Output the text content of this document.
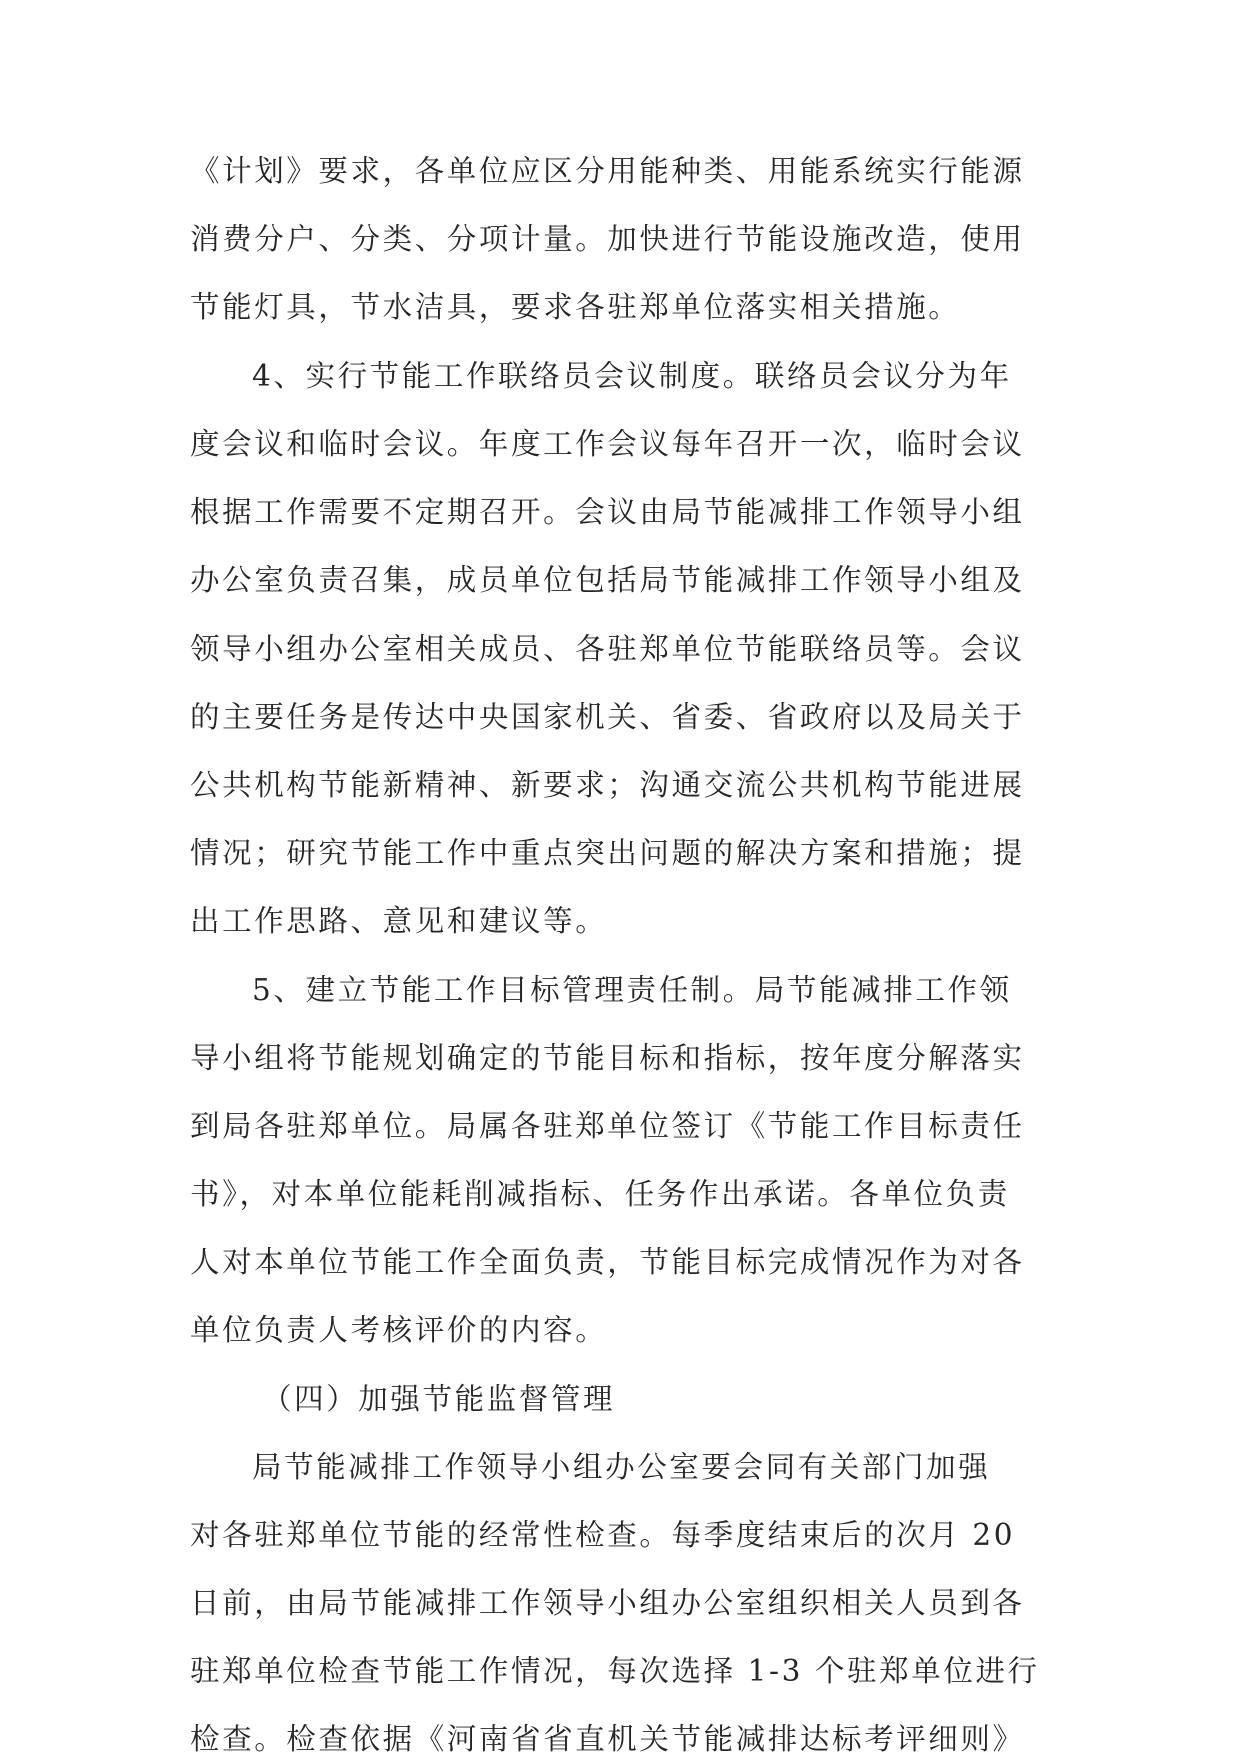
《计划》要求，各单位应区分用能种类、用能系统实行能源

消费分户、分类、分项计量。加快进行节能设施改造，使用

节能灯具，节水洁具，要求各驻郑单位落实相关措施。

4、实行节能工作联络员会议制度。联络员会议分为年

度会议和临时会议。年度工作会议每年召开一次，临时会议

根据工作需要不定期召开。会议由局节能减排工作领导小组

办公室负责召集，成员单位包括局节能减排工作领导小组及

领导小组办公室相关成员、各驻郑单位节能联络员等。会议

的主要任务是传达中央国家机关、省委、省政府以及局关于

公共机构节能新精神、新要求；沟通交流公共机构节能进展

情况；研究节能工作中重点突出问题的解决方案和措施；提

出工作思路、意见和建议等。

5、建立节能工作目标管理责任制。局节能减排工作领

导小组将节能规划确定的节能目标和指标，按年度分解落实

到局各驻郑单位。局属各驻郑单位签订《节能工作目标责任

书》，对本单位能耗削减指标、任务作出承诺。各单位负责

人对本单位节能工作全面负责，节能目标完成情况作为对各

单位负责人考核评价的内容。

（四）加强节能监督管理

局节能减排工作领导小组办公室要会同有关部门加强

对各驻郑单位节能的经常性检查。每季度结束后的次月 20

日前，由局节能减排工作领导小组办公室组织相关人员到各

驻郑单位检查节能工作情况，每次选择 1-3 个驻郑单位进行

检查。检查依据《河南省省直机关节能减排达标考评细则》
